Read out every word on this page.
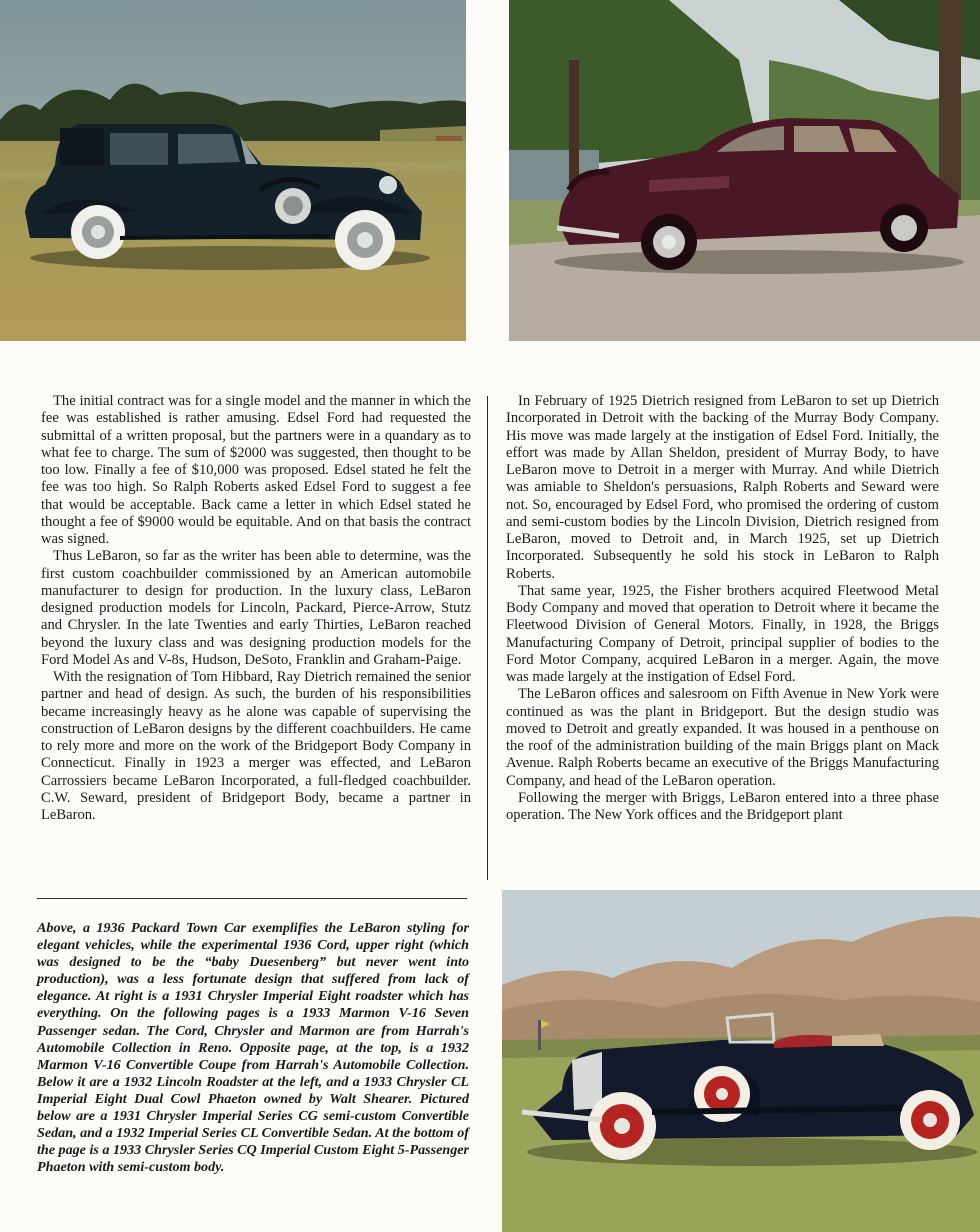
The initial contract was for a single model and the manner in which the fee was established is rather amusing. Edsel Ford had requested the submittal of a written proposal, but the partners were in a quandary as to what fee to charge. The sum of $2000 was suggested, then thought to be too low. Finally a fee of $10,000 was proposed. Edsel stated he felt the fee was too high. So Ralph Roberts asked Edsel Ford to suggest a fee that would be acceptable. Back came a letter in which Edsel stated he thought a fee of $9000 would be equitable. And on that basis the contract was signed.

Thus LeBaron, so far as the writer has been able to determine, was the first custom coachbuilder commissioned by an American automobile manufacturer to design for production. In the luxury class, LeBaron designed production models for Lincoln, Packard, Pierce-Arrow, Stutz and Chrysler. In the late Twenties and early Thirties, LeBaron reached beyond the luxury class and was designing production models for the Ford Model As and V-8s, Hudson, DeSoto, Franklin and Graham-Paige.

With the resignation of Tom Hibbard, Ray Dietrich remained the senior partner and head of design. As such, the burden of his responsibilities became increasingly heavy as he alone was capable of supervising the construction of LeBaron designs by the different coachbuilders. He came to rely more and more on the work of the Bridgeport Body Company in Connecticut. Finally in 1923 a merger was effected, and LeBaron Carrossiers became LeBaron Incorporated, a full-fledged coachbuilder. C.W. Seward, president of Bridgeport Body, became a partner in LeBaron.

In February of 1925 Dietrich resigned from LeBaron to set up Dietrich Incorporated in Detroit with the backing of the Murray Body Company. His move was made largely at the instigation of Edsel Ford. Initially, the effort was made by Allan Sheldon, president of Murray Body, to have LeBaron move to Detroit in a merger with Murray. And while Dietrich was amiable to Sheldon's persuasions, Ralph Roberts and Seward were not. So, encouraged by Edsel Ford, who promised the ordering of custom and semi-custom bodies by the Lincoln Division, Dietrich resigned from LeBaron, moved to Detroit and, in March 1925, set up Dietrich Incorporated. Subsequently he sold his stock in LeBaron to Ralph Roberts.

That same year, 1925, the Fisher brothers acquired Fleetwood Metal Body Company and moved that operation to Detroit where it became the Fleetwood Division of General Motors. Finally, in 1928, the Briggs Manufacturing Company of Detroit, principal supplier of bodies to the Ford Motor Company, acquired LeBaron in a merger. Again, the move was made largely at the instigation of Edsel Ford.

The LeBaron offices and salesroom on Fifth Avenue in New York were continued as was the plant in Bridgeport. But the design studio was moved to Detroit and greatly expanded. It was housed in a penthouse on the roof of the administration building of the main Briggs plant on Mack Avenue. Ralph Roberts became an executive of the Briggs Manufacturing Company, and head of the LeBaron operation.

Following the merger with Briggs, LeBaron entered into a three phase operation. The New York offices and the Bridgeport plant

Above, a 1936 Packard Town Car exemplifies the LeBaron styling for elegant vehicles, while the experimental 1936 Cord, upper right (which was designed to be the “baby Duesenberg” but never went into production), was a less fortunate design that suffered from lack of elegance. At right is a 1931 Chrysler Imperial Eight roadster which has everything. On the following pages is a 1933 Marmon V-16 Seven Passenger sedan. The Cord, Chrysler and Marmon are from Harrah's Automobile Collection in Reno. Opposite page, at the top, is a 1932 Marmon V-16 Convertible Coupe from Harrah's Automobile Collection. Below it are a 1932 Lincoln Roadster at the left, and a 1933 Chrysler CL Imperial Eight Dual Cowl Phaeton owned by Walt Shearer. Pictured below are a 1931 Chrysler Imperial Series CG semi-custom Convertible Sedan, and a 1932 Imperial Series CL Convertible Sedan. At the bottom of the page is a 1933 Chrysler Series CQ Imperial Custom Eight 5-Passenger Phaeton with semi-custom body.
